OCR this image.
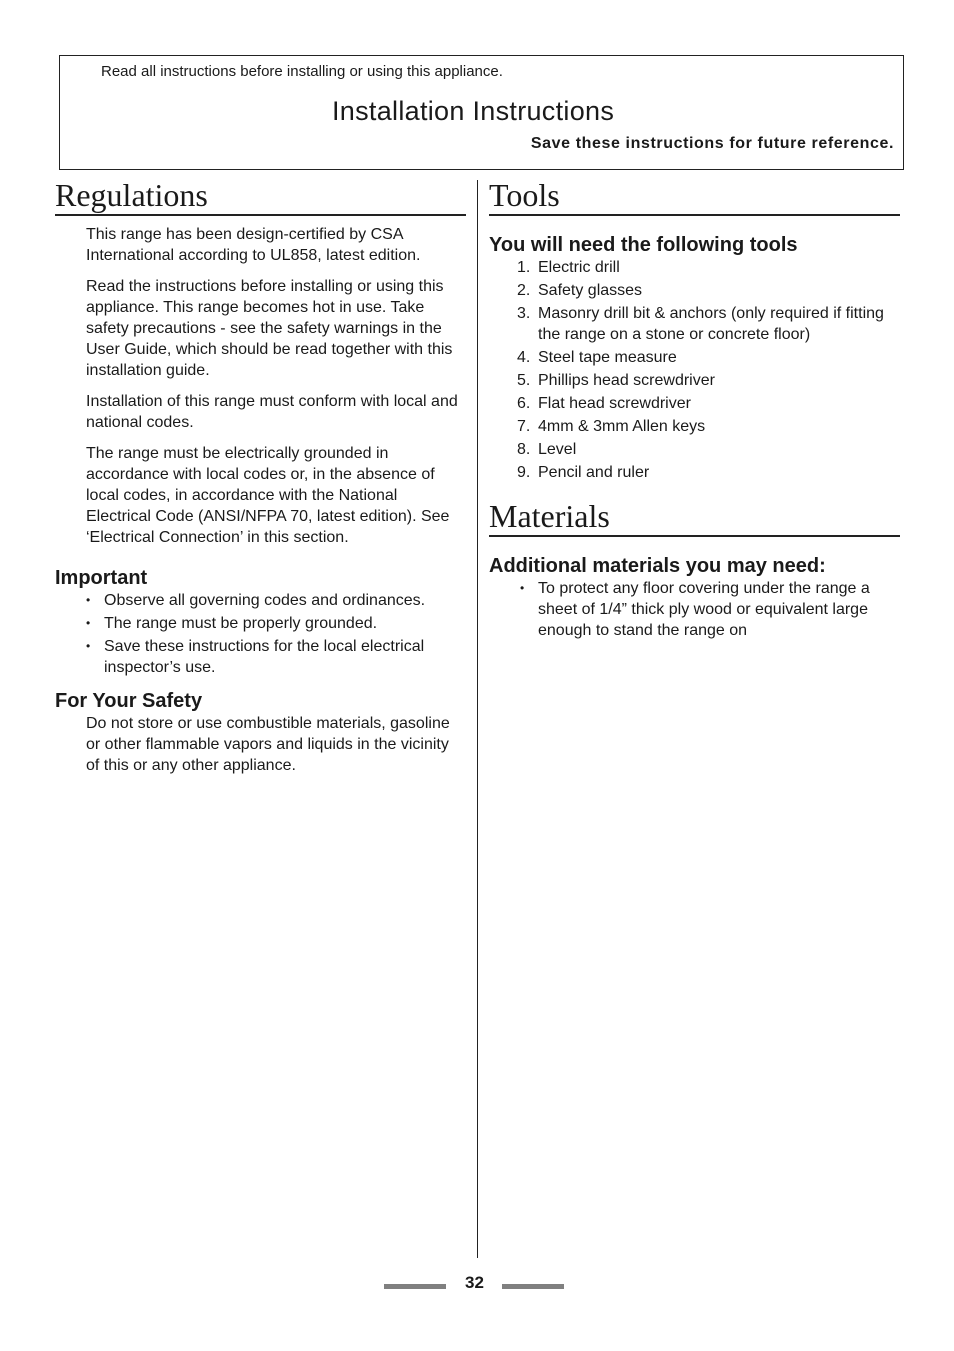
Read all instructions before installing or using this appliance.
Installation Instructions
Save these instructions for future reference.
Regulations

This range has been design-certified by CSA International according to UL858, latest edition.

Read the instructions before installing or using this appliance. This range becomes hot in use. Take safety precautions - see the safety warnings in the User Guide, which should be read together with this installation guide.

Installation of this range must conform with local and national codes.

The range must be electrically grounded in accordance with local codes or, in the absence of local codes, in accordance with the National Electrical Code (ANSI/NFPA 70, latest edition). See ‘Electrical Connection’ in this section.

Important
• Observe all governing codes and ordinances.
• The range must be properly grounded.
• Save these instructions for the local electrical inspector’s use.
For Your Safety

Do not store or use combustible materials, gasoline or other flammable vapors and liquids in the vicinity of this or any other appliance.

Tools
You will need the following tools
1. Electric drill
2. Safety glasses
3. Masonry drill bit & anchors (only required if fitting the range on a stone or concrete floor)
4. Steel tape measure
5. Phillips head screwdriver
6. Flat head screwdriver
7. 4mm & 3mm Allen keys
8. Level
9. Pencil and ruler
Materials
Additional materials you may need:
• To protect any floor covering under the range a sheet of 1/4” thick ply wood or equivalent large enough to stand the range on
32
